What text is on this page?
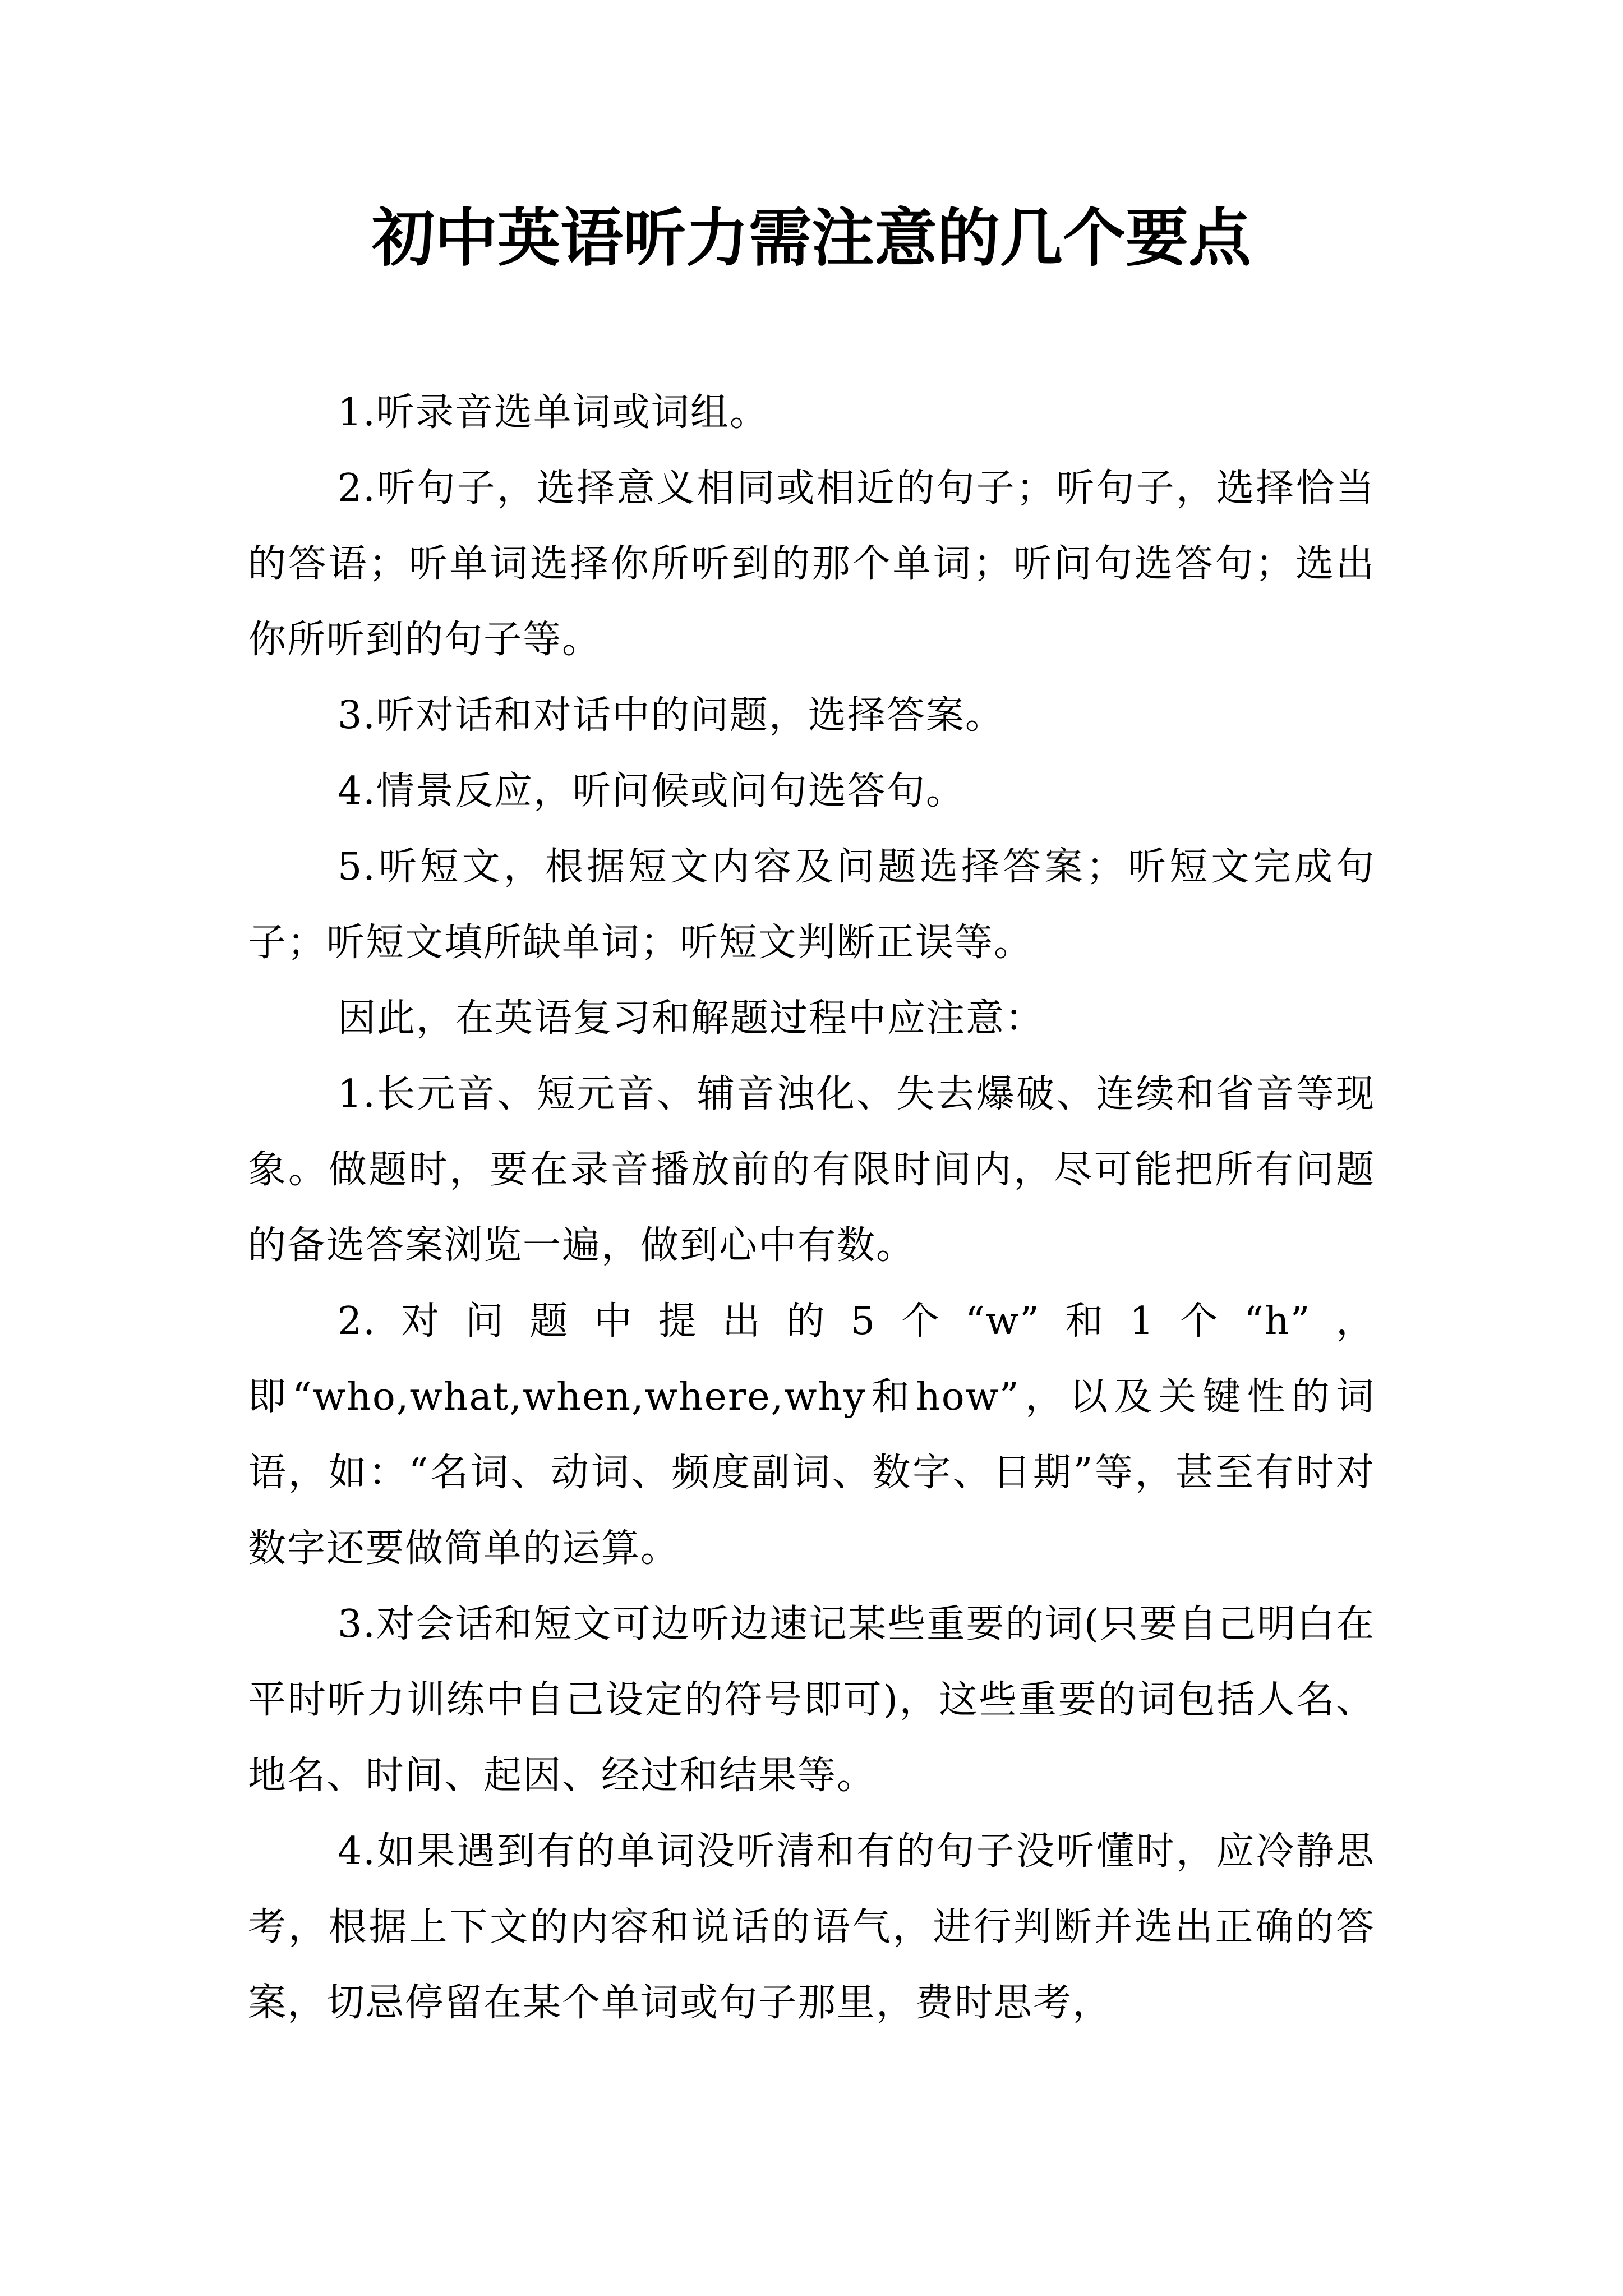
初中英语听力需注意的几个要点

1.听录音选单词或词组。

2.听句子，选择意义相同或相近的句子；听句子，选择恰当的答语；听单词选择你所听到的那个单词；听问句选答句；选出你所听到的句子等。

3.听对话和对话中的问题，选择答案。

4.情景反应，听问候或问句选答句。

5.听短文，根据短文内容及问题选择答案；听短文完成句子；听短文填所缺单词；听短文判断正误等。

因此，在英语复习和解题过程中应注意：

1.长元音、短元音、辅音浊化、失去爆破、连续和省音等现象。做题时，要在录音播放前的有限时间内，尽可能把所有问题的备选答案浏览一遍，做到心中有数。

2.对问题中提出的5个“w”和1个“h”，即“who,what,when,where,why和how”，以及关键性的词语，如：“名词、动词、频度副词、数字、日期”等，甚至有时对数字还要做简单的运算。

3.对会话和短文可边听边速记某些重要的词(只要自己明白在平时听力训练中自己设定的符号即可)，这些重要的词包括人名、地名、时间、起因、经过和结果等。

4.如果遇到有的单词没听清和有的句子没听懂时，应冷静思考，根据上下文的内容和说话的语气，进行判断并选出正确的答案，切忌停留在某个单词或句子那里，费时思考，
